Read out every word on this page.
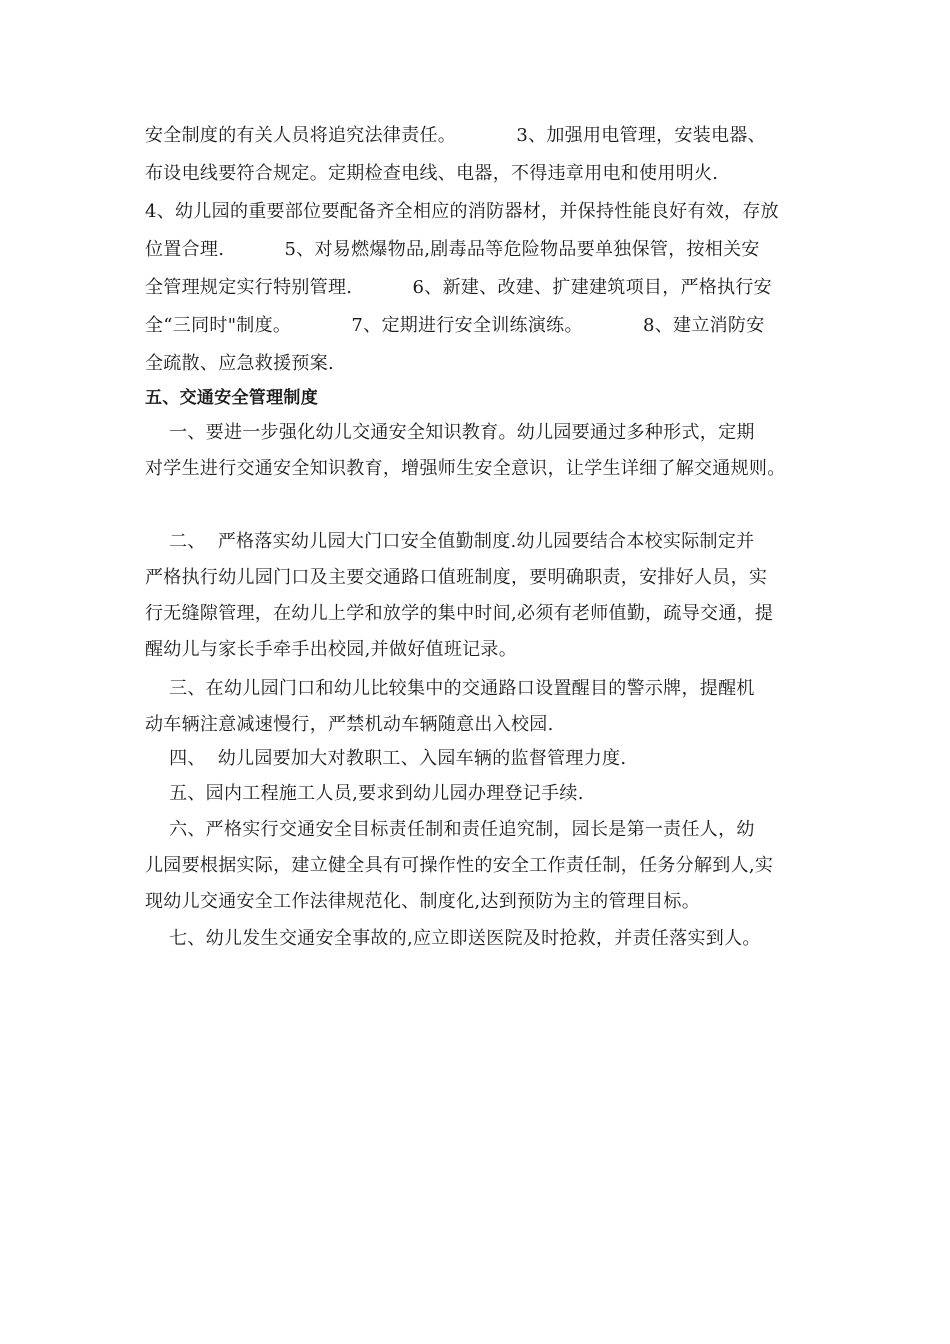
安全制度的有关人员将追究法律责任。          3、加强用电管理，安装电器、
布设电线要符合规定。定期检查电线、电器，不得违章用电和使用明火.
4、幼儿园的重要部位要配备齐全相应的消防器材，并保持性能良好有效，存放
位置合理.          5、对易燃爆物品,剧毒品等危险物品要单独保管，按相关安
全管理规定实行特别管理.          6、新建、改建、扩建建筑项目，严格执行安
全“三同时"制度。          7、定期进行安全训练演练。          8、建立消防安
全疏散、应急救援预案.
五、交通安全管理制度
一、要进一步强化幼儿交通安全知识教育。幼儿园要通过多种形式，定期
对学生进行交通安全知识教育，增强师生安全意识，让学生详细了解交通规则。
二、  严格落实幼儿园大门口安全值勤制度.幼儿园要结合本校实际制定并
严格执行幼儿园门口及主要交通路口值班制度，要明确职责，安排好人员，实
行无缝隙管理，在幼儿上学和放学的集中时间,必须有老师值勤，疏导交通，提
醒幼儿与家长手牵手出校园,并做好值班记录。
三、在幼儿园门口和幼儿比较集中的交通路口设置醒目的警示牌，提醒机
动车辆注意减速慢行，严禁机动车辆随意出入校园.
四、  幼儿园要加大对教职工、入园车辆的监督管理力度.
五、园内工程施工人员,要求到幼儿园办理登记手续.
六、严格实行交通安全目标责任制和责任追究制，园长是第一责任人，幼
儿园要根据实际，建立健全具有可操作性的安全工作责任制，任务分解到人,实
现幼儿交通安全工作法律规范化、制度化,达到预防为主的管理目标。
七、幼儿发生交通安全事故的,应立即送医院及时抢救，并责任落实到人。
